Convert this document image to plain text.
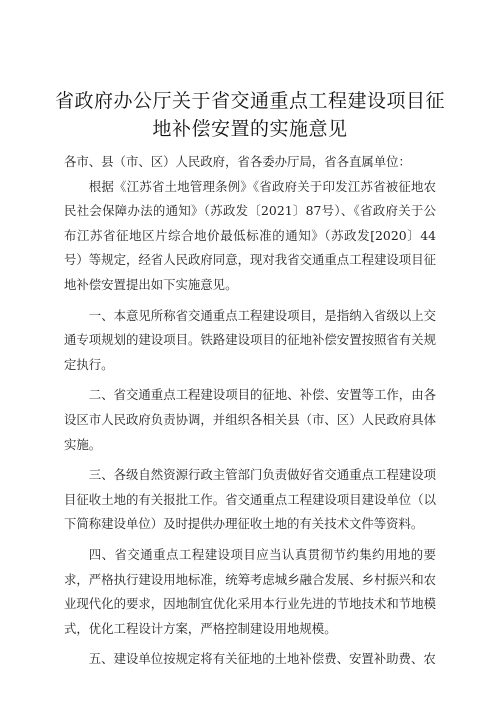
省政府办公厅关于省交通重点工程建设项目征
地补偿安置的实施意见

各市、县（市、区）人民政府，省各委办厅局，省各直属单位：

根据《江苏省土地管理条例》《省政府关于印发江苏省被征地农民社会保障办法的通知》（苏政发〔2021〕87号）、《省政府关于公布江苏省征地区片综合地价最低标准的通知》（苏政发[2020〕44号）等规定，经省人民政府同意，现对我省交通重点工程建设项目征地补偿安置提出如下实施意见。

一、本意见所称省交通重点工程建设项目，是指纳入省级以上交通专项规划的建设项目。铁路建设项目的征地补偿安置按照省有关规定执行。

二、省交通重点工程建设项目的征地、补偿、安置等工作，由各设区市人民政府负责协调，并组织各相关县（市、区）人民政府具体实施。

三、各级自然资源行政主管部门负责做好省交通重点工程建设项目征收土地的有关报批工作。省交通重点工程建设项目建设单位（以下简称建设单位）及时提供办理征收土地的有关技术文件等资料。

四、省交通重点工程建设项目应当认真贯彻节约集约用地的要求，严格执行建设用地标准，统筹考虑城乡融合发展、乡村振兴和农业现代化的要求，因地制宜优化采用本行业先进的节地技术和节地模式，优化工程设计方案，严格控制建设用地规模。

五、建设单位按规定将有关征地的土地补偿费、安置补助费、农
